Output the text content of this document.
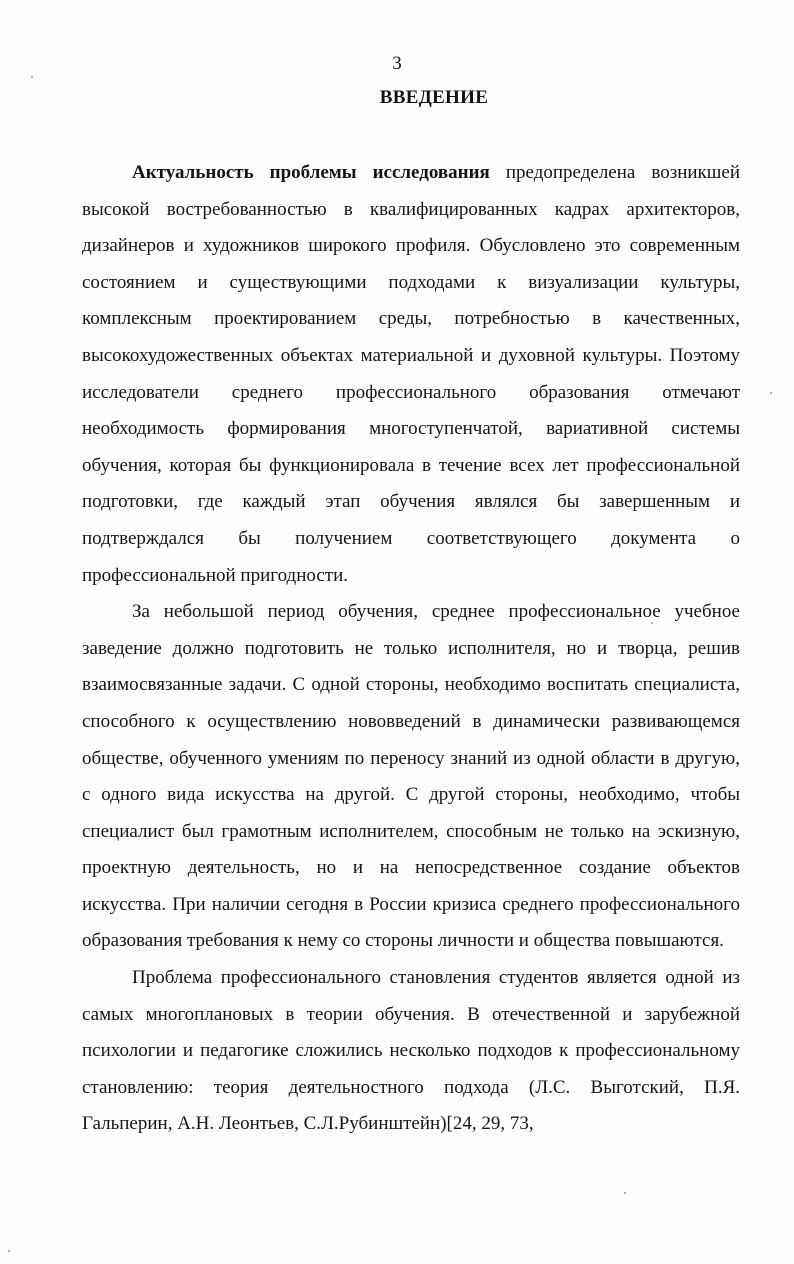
3
ВВЕДЕНИЕ

Актуальность проблемы исследования предопределена возникшей высокой востребованностью в квалифицированных кадрах архитекторов, дизайнеров и художников широкого профиля. Обусловлено это современным состоянием и существующими подходами к визуализации культуры, комплексным проектированием среды, потребностью в качественных, высокохудожественных объектах материальной и духовной культуры. Поэтому исследователи среднего профессионального образования отмечают необходимость формирования многоступенчатой, вариативной системы обучения, которая бы функционировала в течение всех лет профессиональной подготовки, где каждый этап обучения являлся бы завершенным и подтверждался бы получением соответствующего документа о профессиональной пригодности.

За небольшой период обучения, среднее профессиональное учебное заведение должно подготовить не только исполнителя, но и творца, решив взаимосвязанные задачи. С одной стороны, необходимо воспитать специалиста, способного к осуществлению нововведений в динамически развивающемся обществе, обученного умениям по переносу знаний из одной области в другую, с одного вида искусства на другой. С другой стороны, необходимо, чтобы специалист был грамотным исполнителем, способным не только на эскизную, проектную деятельность, но и на непосредственное создание объектов искусства. При наличии сегодня в России кризиса среднего профессионального образования требования к нему со стороны личности и общества повышаются.

Проблема профессионального становления студентов является одной из самых многоплановых в теории обучения. В отечественной и зарубежной психологии и педагогике сложились несколько подходов к профессиональному становлению: теория деятельностного подхода (Л.С. Выготский, П.Я. Гальперин, А.Н. Леонтьев, С.Л.Рубинштейн)[24, 29, 73,
